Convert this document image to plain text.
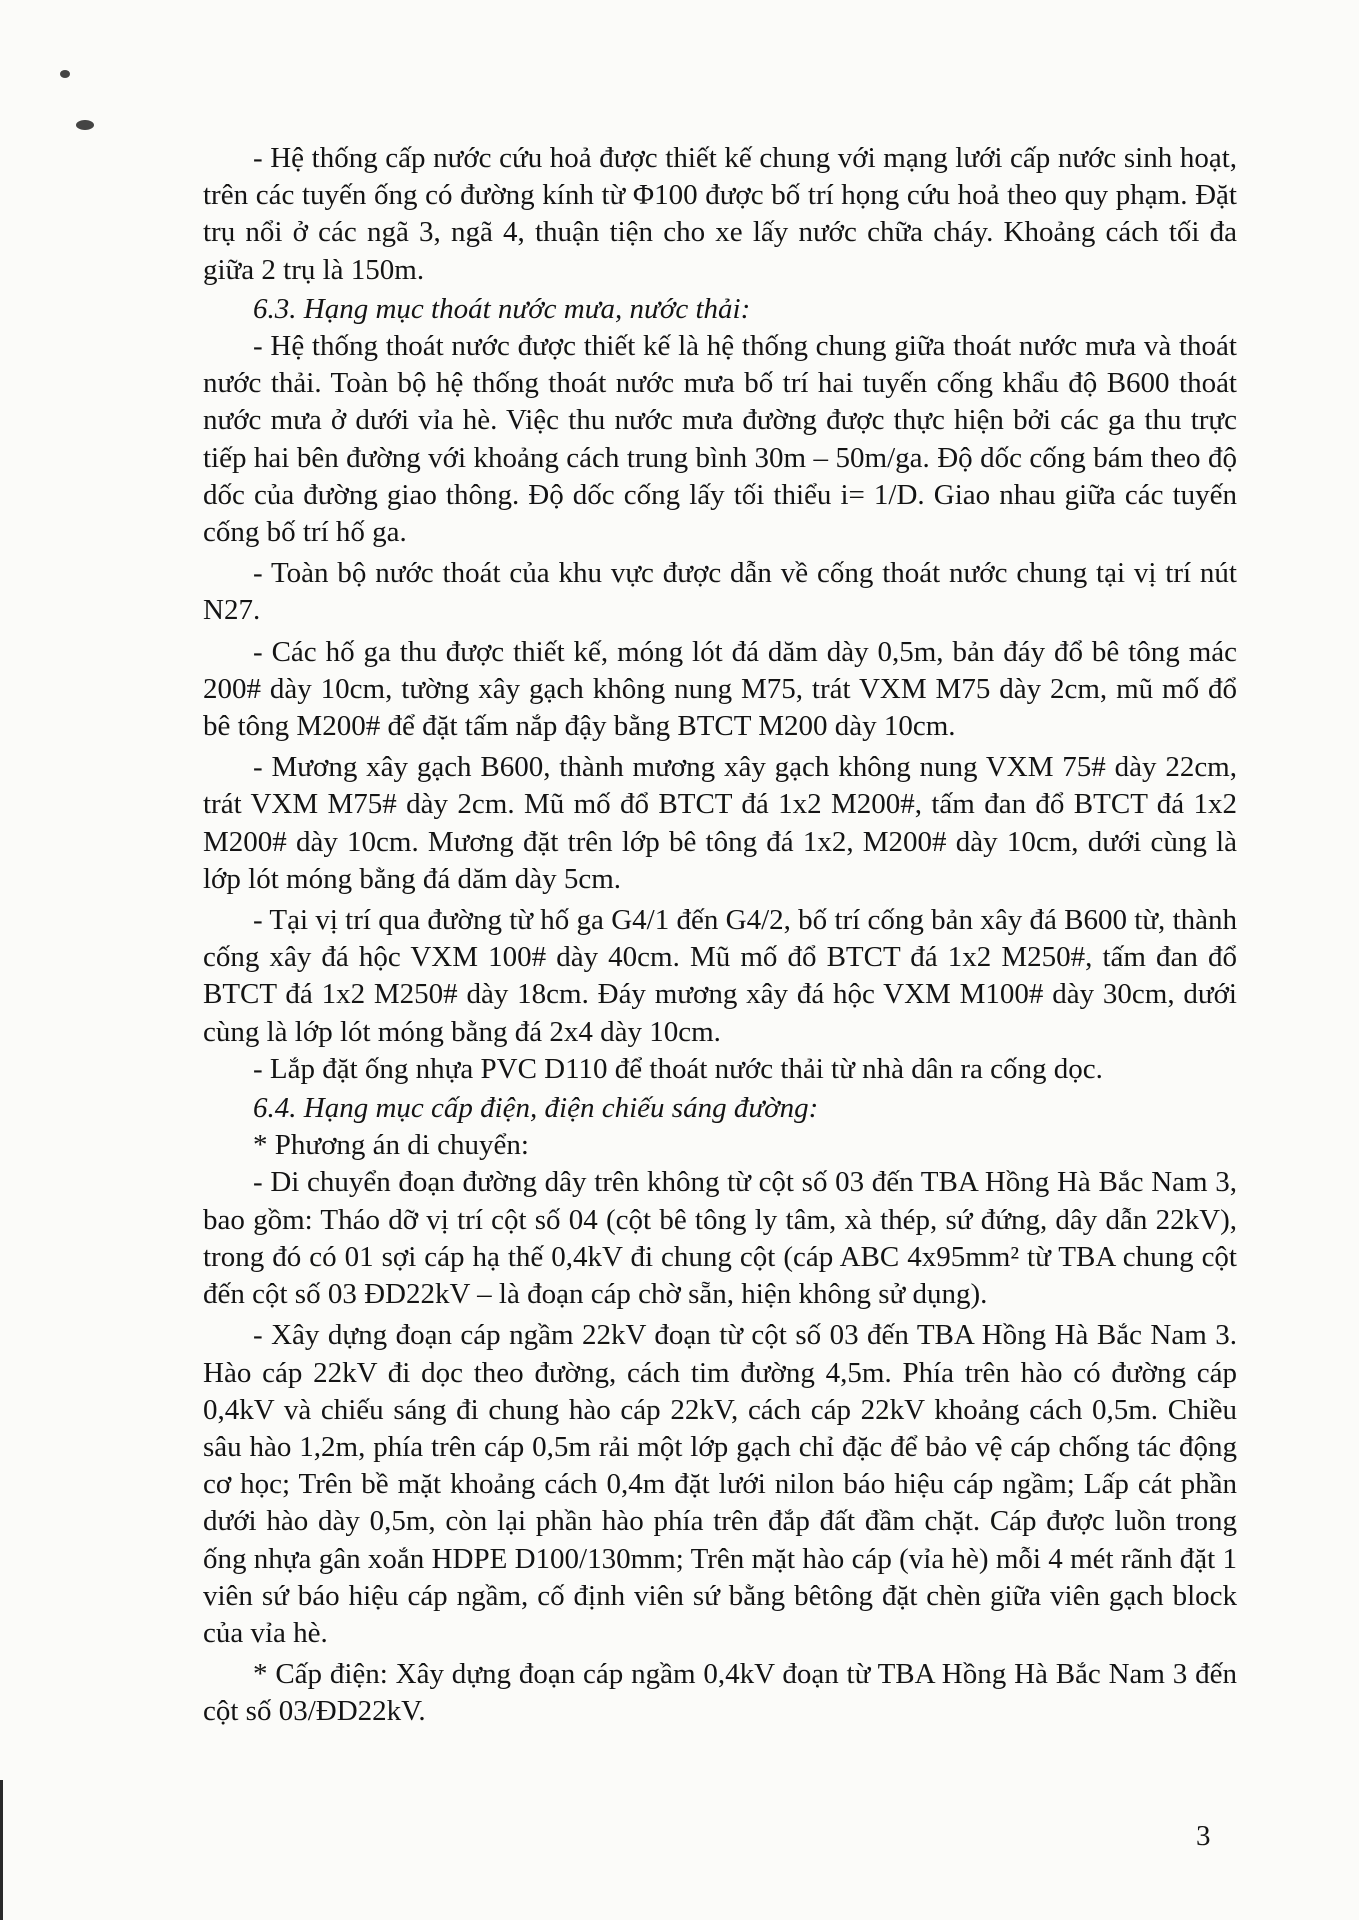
- Hệ thống cấp nước cứu hoả được thiết kế chung với mạng lưới cấp nước sinh hoạt, trên các tuyến ống có đường kính từ Φ100 được bố trí họng cứu hoả theo quy phạm. Đặt trụ nổi ở các ngã 3, ngã 4, thuận tiện cho xe lấy nước chữa cháy. Khoảng cách tối đa giữa 2 trụ là 150m.

6.3. Hạng mục thoát nước mưa, nước thải:

- Hệ thống thoát nước được thiết kế là hệ thống chung giữa thoát nước mưa và thoát nước thải. Toàn bộ hệ thống thoát nước mưa bố trí hai tuyến cống khẩu độ B600 thoát nước mưa ở dưới vỉa hè. Việc thu nước mưa đường được thực hiện bởi các ga thu trực tiếp hai bên đường với khoảng cách trung bình 30m – 50m/ga. Độ dốc cống bám theo độ dốc của đường giao thông. Độ dốc cống lấy tối thiểu i= 1/D. Giao nhau giữa các tuyến cống bố trí hố ga.

- Toàn bộ nước thoát của khu vực được dẫn về cống thoát nước chung tại vị trí nút N27.

- Các hố ga thu được thiết kế, móng lót đá dăm dày 0,5m, bản đáy đổ bê tông mác 200# dày 10cm, tường xây gạch không nung M75, trát VXM M75 dày 2cm, mũ mố đổ bê tông M200# để đặt tấm nắp đậy bằng BTCT M200 dày 10cm.

- Mương xây gạch B600, thành mương xây gạch không nung VXM 75# dày 22cm, trát VXM M75# dày 2cm. Mũ mố đổ BTCT đá 1x2 M200#, tấm đan đổ BTCT đá 1x2 M200# dày 10cm. Mương đặt trên lớp bê tông đá 1x2, M200# dày 10cm, dưới cùng là lớp lót móng bằng đá dăm dày 5cm.

- Tại vị trí qua đường từ hố ga G4/1 đến G4/2, bố trí cống bản xây đá B600 từ, thành cống xây đá hộc VXM 100# dày 40cm. Mũ mố đổ BTCT đá 1x2 M250#, tấm đan đổ BTCT đá 1x2 M250# dày 18cm. Đáy mương xây đá hộc VXM M100# dày 30cm, dưới cùng là lớp lót móng bằng đá 2x4 dày 10cm.

- Lắp đặt ống nhựa PVC D110 để thoát nước thải từ nhà dân ra cống dọc.

6.4. Hạng mục cấp điện, điện chiếu sáng đường:

* Phương án di chuyển:

- Di chuyển đoạn đường dây trên không từ cột số 03 đến TBA Hồng Hà Bắc Nam 3, bao gồm: Tháo dỡ vị trí cột số 04 (cột bê tông ly tâm, xà thép, sứ đứng, dây dẫn 22kV), trong đó có 01 sợi cáp hạ thế 0,4kV đi chung cột (cáp ABC 4x95mm² từ TBA chung cột đến cột số 03 ĐD22kV – là đoạn cáp chờ sẵn, hiện không sử dụng).

- Xây dựng đoạn cáp ngầm 22kV đoạn từ cột số 03 đến TBA Hồng Hà Bắc Nam 3. Hào cáp 22kV đi dọc theo đường, cách tim đường 4,5m. Phía trên hào có đường cáp 0,4kV và chiếu sáng đi chung hào cáp 22kV, cách cáp 22kV khoảng cách 0,5m. Chiều sâu hào 1,2m, phía trên cáp 0,5m rải một lớp gạch chỉ đặc để bảo vệ cáp chống tác động cơ học; Trên bề mặt khoảng cách 0,4m đặt lưới nilon báo hiệu cáp ngầm; Lấp cát phần dưới hào dày 0,5m, còn lại phần hào phía trên đắp đất đầm chặt. Cáp được luồn trong ống nhựa gân xoắn HDPE D100/130mm; Trên mặt hào cáp (vỉa hè) mỗi 4 mét rãnh đặt 1 viên sứ báo hiệu cáp ngầm, cố định viên sứ bằng bêtông đặt chèn giữa viên gạch block của vỉa hè.

* Cấp điện: Xây dựng đoạn cáp ngầm 0,4kV đoạn từ TBA Hồng Hà Bắc Nam 3 đến cột số 03/ĐD22kV.

3
